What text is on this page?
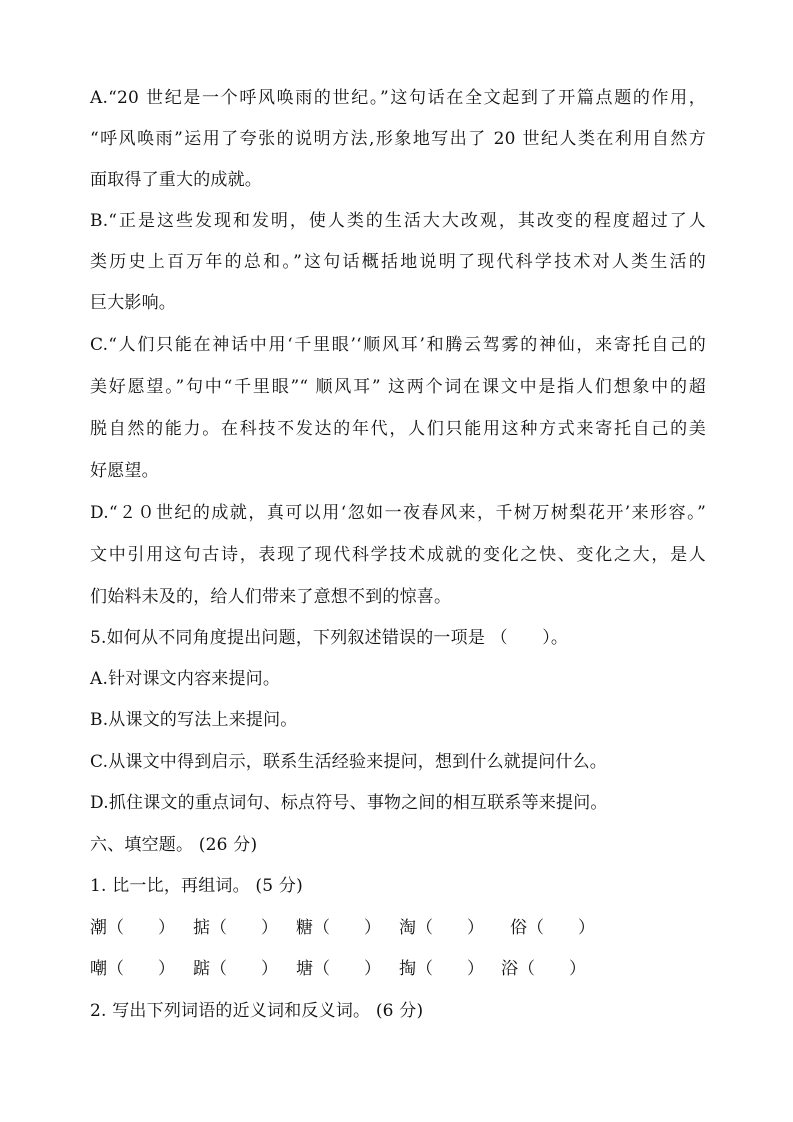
A.“20 世纪是一个呼风唤雨的世纪。”这句话在全文起到了开篇点题的作用，
“呼风唤雨”运用了夸张的说明方法,形象地写出了 20 世纪人类在利用自然方
面取得了重大的成就。
B.“正是这些发现和发明，使人类的生活大大改观，其改变的程度超过了人
类历史上百万年的总和。”这句话概括地说明了现代科学技术对人类生活的
巨大影响。
C.“人们只能在神话中用‘千里眼’‘顺风耳’和腾云驾雾的神仙，来寄托自己的
美好愿望。”句中“千里眼”“ 顺风耳” 这两个词在课文中是指人们想象中的超
脱自然的能力。在科技不发达的年代，人们只能用这种方式来寄托自己的美
好愿望。
D.“２０世纪的成就，真可以用‘忽如一夜春风来，千树万树梨花开’来形容。”
文中引用这句古诗，表现了现代科学技术成就的变化之快、变化之大，是人
们始料未及的，给人们带来了意想不到的惊喜。
5.如何从不同角度提出问题，下列叙述错误的一项是 （　　）。
A.针对课文内容来提问。
B.从课文的写法上来提问。
C.从课文中得到启示，联系生活经验来提问，想到什么就提问什么。
D.抓住课文的重点词句、标点符号、事物之间的相互联系等来提问。
六、填空题。 (26 分)
1. 比一比，再组词。 (5 分)
潮（　　） 掂（　　） 糖（　　） 淘（　　） 俗（　　）
嘲（　　） 踮（　　） 塘（　　） 掏（　　） 浴（　　）
2. 写出下列词语的近义词和反义词。 (6 分)
